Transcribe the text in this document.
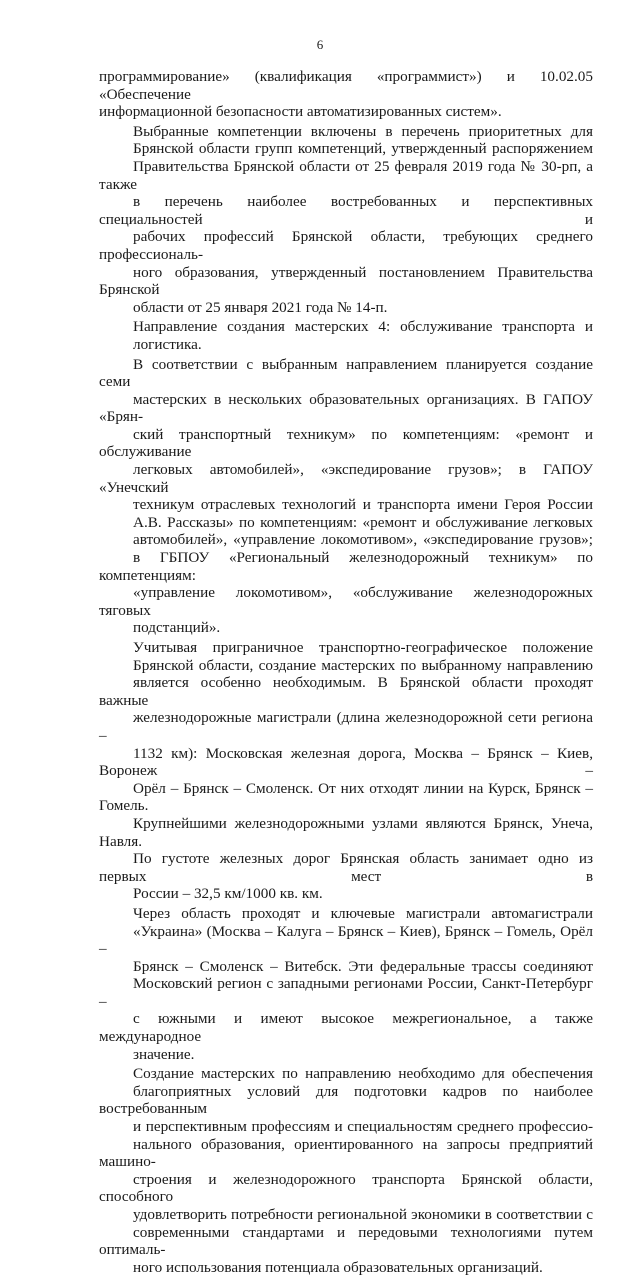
6
программирование» (квалификация «программист») и 10.02.05 «Обеспечение
информационной безопасности автоматизированных систем».
Выбранные компетенции включены в перечень приоритетных для
Брянской области групп компетенций, утвержденный распоряжением
Правительства Брянской области от 25 февраля 2019 года № 30-рп, а также
в перечень наиболее востребованных и перспективных специальностей и
рабочих профессий Брянской области, требующих среднего профессиональ-
ного образования, утвержденный постановлением Правительства Брянской
области от 25 января 2021 года № 14-п.
Направление создания мастерских 4: обслуживание транспорта и
логистика.
В соответствии с выбранным направлением планируется создание семи
мастерских в нескольких образовательных организациях. В ГАПОУ «Брян-
ский транспортный техникум» по компетенциям: «ремонт и обслуживание
легковых автомобилей», «экспедирование грузов»; в ГАПОУ «Унечский
техникум отраслевых технологий и транспорта имени Героя России
А.В. Рассказы» по компетенциям: «ремонт и обслуживание легковых
автомобилей», «управление локомотивом», «экспедирование грузов»;
в ГБПОУ «Региональный железнодорожный техникум» по компетенциям:
«управление локомотивом», «обслуживание железнодорожных тяговых
подстанций».
Учитывая приграничное транспортно-географическое положение
Брянской области, создание мастерских по выбранному направлению
является особенно необходимым. В Брянской области проходят важные
железнодорожные магистрали (длина железнодорожной сети региона –
1132 км): Московская железная дорога, Москва – Брянск – Киев, Воронеж –
Орёл – Брянск – Смоленск. От них отходят линии на Курск, Брянск – Гомель.
Крупнейшими железнодорожными узлами являются Брянск, Унеча, Навля.
По густоте железных дорог Брянская область занимает одно из первых мест в
России – 32,5 км/1000 кв. км.
Через область проходят и ключевые магистрали автомагистрали
«Украина» (Москва – Калуга – Брянск – Киев), Брянск – Гомель, Орёл –
Брянск – Смоленск – Витебск. Эти федеральные трассы соединяют
Московский регион с западными регионами России, Санкт-Петербург –
с южными и имеют высокое межрегиональное, а также международное
значение.
Создание мастерских по направлению необходимо для обеспечения
благоприятных условий для подготовки кадров по наиболее востребованным
и перспективным профессиям и специальностям среднего профессио-
нального образования, ориентированного на запросы предприятий машино-
строения и железнодорожного транспорта Брянской области, способного
удовлетворить потребности региональной экономики в соответствии с
современными стандартами и передовыми технологиями путем оптималь-
ного использования потенциала образовательных организаций.
